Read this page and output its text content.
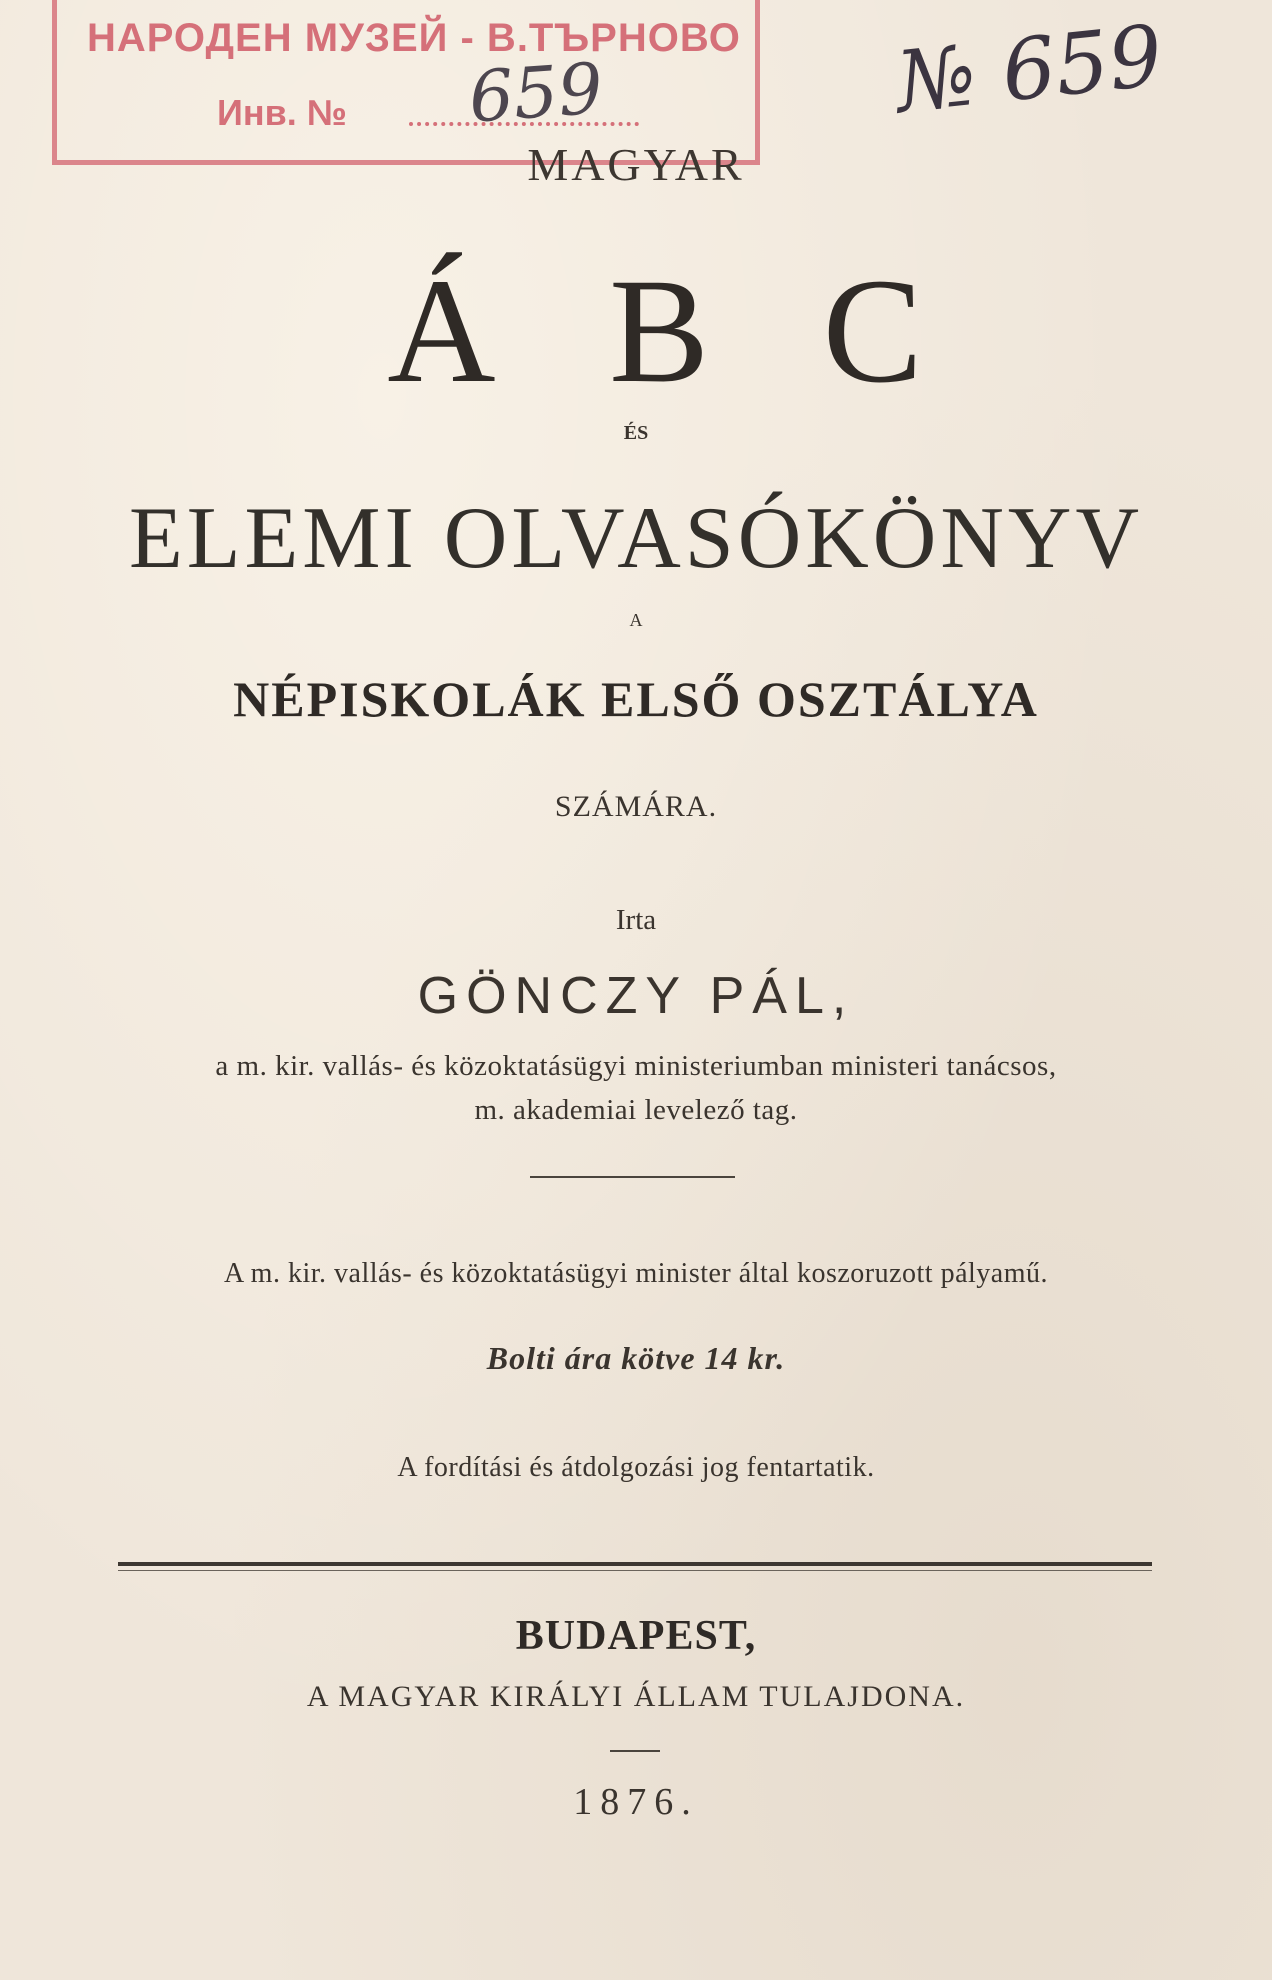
НАРОДЕН МУЗЕЙ - В.ТЪРНОВО
Инв. № 659	№ 659
MAGYAR
Á B C
ÉS
ELEMI OLVASÓKÖNYV
A
NÉPISKOLÁK ELSŐ OSZTÁLYA
SZÁMÁRA.
Irta
GÖNCZY PÁL,
a m. kir. vallás- és közoktatásügyi ministeriumban ministeri tanácsos,
m. akademiai levelező tag.
A m. kir. vallás- és közoktatásügyi minister által koszoruzott pályamű.
Bolti ára kötve 14 kr.
A fordítási és átdolgozási jog fentartatik.
BUDAPEST,
A MAGYAR KIRÁLYI ÁLLAM TULAJDONA.
1876.
